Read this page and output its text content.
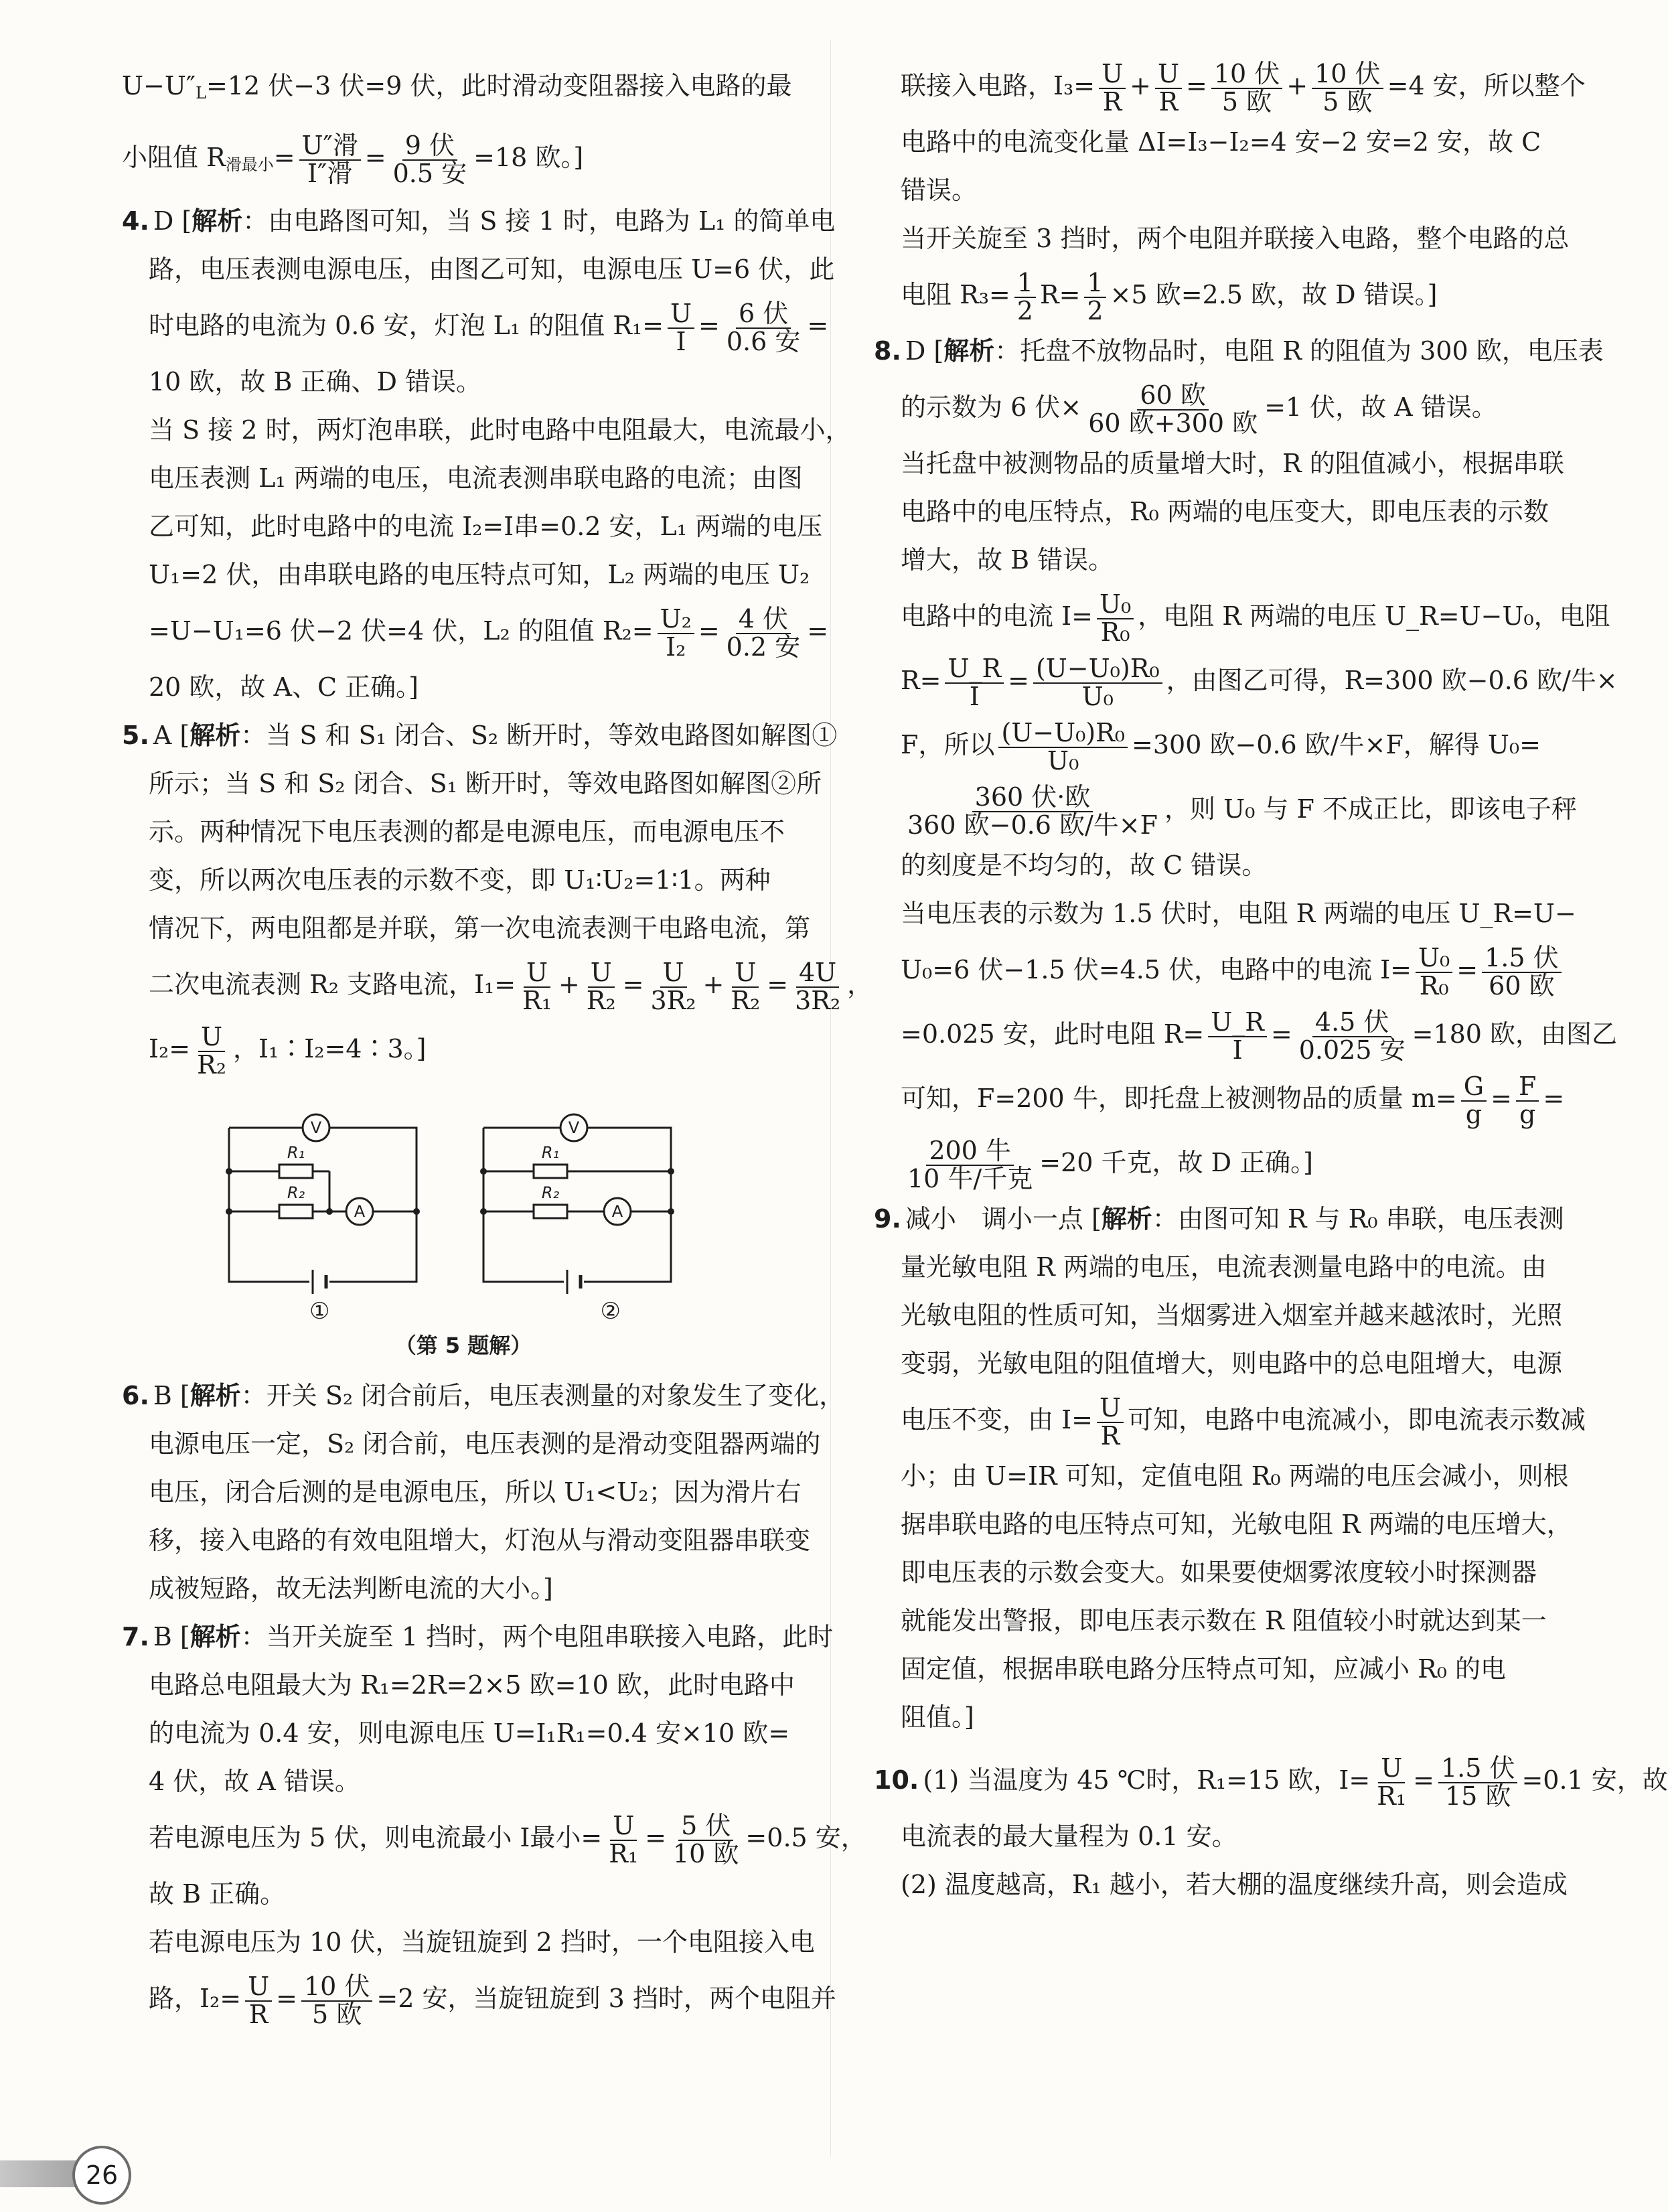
$U-U''_L=12$ 伏−3 伏=9 伏，此时滑动变阻器接入电路的最

小阻值 $R_{滑最小}= \frac{\text{U″滑}}{\text{I″滑}} = \frac{\text{9 伏}}{\text{0.5 安}} =18$ 欧。]

4. D [解析：由电路图可知，当 S 接 1 时，电路为 L₁ 的简单电

路，电压表测电源电压，由图乙可知，电源电压 U=6 伏，此

时电路的电流为 0.6 安，灯泡 L₁ 的阻值 $R_1= \frac{U}{I} = \frac{\text{6 伏}}{\text{0.6 安}}$ =

10 欧，故 B 正确、D 错误。

当 S 接 2 时，两灯泡串联，此时电路中电阻最大，电流最小，

电压表测 L₁ 两端的电压，电流表测串联电路的电流；由图

乙可知，此时电路中的电流 I₂=I串=0.2 安，L₁ 两端的电压

U₁=2 伏，由串联电路的电压特点可知，L₂ 两端的电压 U₂

=U−U₁=6 伏−2 伏=4 伏，L₂ 的阻值 $R_2= \frac{\text{U₂}}{\text{I₂}} = \frac{\text{4 伏}}{\text{0.2 安}}$ =

20 欧，故 A、C 正确。]

5. A [解析：当 S 和 S₁ 闭合、S₂ 断开时，等效电路图如解图①

所示；当 S 和 S₂ 闭合、S₁ 断开时，等效电路图如解图②所

示。两种情况下电压表测的都是电源电压，而电源电压不

变，所以两次电压表的示数不变，即 U₁∶U₂=1∶1。两种

情况下，两电阻都是并联，第一次电流表测干电路电流，第

二次电流表测 R₂ 支路电流，$I_1= \frac{U}{\text{R₁}} + \frac{U}{\text{R₂}} = \frac{U}{\text{3R₂}} + \frac{U}{\text{R₂}} = \frac{4U}{\text{3R₂}}$ ，

$I_2= \frac{U}{\text{R₂}}$ ，I₁∶I₂=4∶3。]

V
A
V
A
R₁
R₂
R₁
R₂
①	②
（第 5 题解）

6. B [解析：开关 S₂ 闭合前后，电压表测量的对象发生了变化，

电源电压一定，S₂ 闭合前，电压表测的是滑动变阻器两端的

电压，闭合后测的是电源电压，所以 U₁<U₂；因为滑片右

移，接入电路的有效电阻增大，灯泡从与滑动变阻器串联变

成被短路，故无法判断电流的大小。]

7. B [解析：当开关旋至 1 挡时，两个电阻串联接入电路，此时

电路总电阻最大为 R₁=2R=2×5 欧=10 欧，此时电路中

的电流为 0.4 安，则电源电压 U=I₁R₁=0.4 安×10 欧=

4 伏，故 A 错误。

若电源电压为 5 伏，则电流最小 I最小= $\frac{U}{\text{R₁}} = \frac{\text{5 伏}}{\text{10 欧}} =0.5$ 安，

故 B 正确。

若电源电压为 10 伏，当旋钮旋到 2 挡时，一个电阻接入电

路，$I_2= \frac{U}{R} = \frac{\text{10 伏}}{\text{5 欧}} =2$ 安，当旋钮旋到 3 挡时，两个电阻并

联接入电路，$I_3= \frac{U}{R} + \frac{U}{R} = \frac{\text{10 伏}}{\text{5 欧}} + \frac{\text{10 伏}}{\text{5 欧}} =4$ 安，所以整个

电路中的电流变化量 ΔI=I₃−I₂=4 安−2 安=2 安，故 C

错误。

当开关旋至 3 挡时，两个电阻并联接入电路，整个电路的总

电阻 $R_3= \frac{1}{2} R= \frac{1}{2} \times 5$ 欧=2.5 欧，故 D 错误。]

8. D [解析：托盘不放物品时，电阻 R 的阻值为 300 欧，电压表

的示数为 6 伏× $\frac{\text{60 欧}}{\text{60 欧+300 欧}} =1$ 伏，故 A 错误。

当托盘中被测物品的质量增大时，R 的阻值减小，根据串联

电路中的电压特点，R₀ 两端的电压变大，即电压表的示数

增大，故 B 错误。

电路中的电流 $I= \frac{\text{U₀}}{\text{R₀}}$ ，电阻 R 两端的电压 U_R=U−U₀，电阻

$R= \frac{U\_R}{I} = \frac{\text{(U−U₀)R₀}}{\text{U₀}}$ ，由图乙可得，R=300 欧−0.6 欧/牛×

F，所以 $\frac{\text{(U−U₀)R₀}}{\text{U₀}} =300$ 欧−0.6 欧/牛×F，解得 U₀=

$\frac{\text{360 伏·欧}}{\text{360 欧−0.6 欧/牛×F}}$ ，则 U₀ 与 F 不成正比，即该电子秤

的刻度是不均匀的，故 C 错误。

当电压表的示数为 1.5 伏时，电阻 R 两端的电压 U_R=U−

U₀=6 伏−1.5 伏=4.5 伏，电路中的电流 $I= \frac{\text{U₀}}{\text{R₀}} = \frac{\text{1.5 伏}}{\text{60 欧}}$

=0.025 安，此时电阻 $R= \frac{U\_R}{I} = \frac{\text{4.5 伏}}{\text{0.025 安}} =180$ 欧，由图乙

可知，F=200 牛，即托盘上被测物品的质量 $m= \frac{G}{g} = \frac{F}{g}$ =

$\frac{\text{200 牛}}{\text{10 牛/千克}} =20$ 千克，故 D 正确。]

9. 减小　调小一点 [解析：由图可知 R 与 R₀ 串联，电压表测

量光敏电阻 R 两端的电压，电流表测量电路中的电流。由

光敏电阻的性质可知，当烟雾进入烟室并越来越浓时，光照

变弱，光敏电阻的阻值增大，则电路中的总电阻增大，电源

电压不变，由 $I= \frac{U}{R}$ 可知，电路中电流减小，即电流表示数减

小；由 U=IR 可知，定值电阻 R₀ 两端的电压会减小，则根

据串联电路的电压特点可知，光敏电阻 R 两端的电压增大，

即电压表的示数会变大。如果要使烟雾浓度较小时探测器

就能发出警报，即电压表示数在 R 阻值较小时就达到某一

固定值，根据串联电路分压特点可知，应减小 R₀ 的电

阻值。]

10. (1) 当温度为 45 ℃时，R₁=15 欧，$I= \frac{U}{\text{R₁}} = \frac{\text{1.5 伏}}{\text{15 欧}} =0.1$ 安，故

电流表的最大量程为 0.1 安。

(2) 温度越高，R₁ 越小，若大棚的温度继续升高，则会造成

26
